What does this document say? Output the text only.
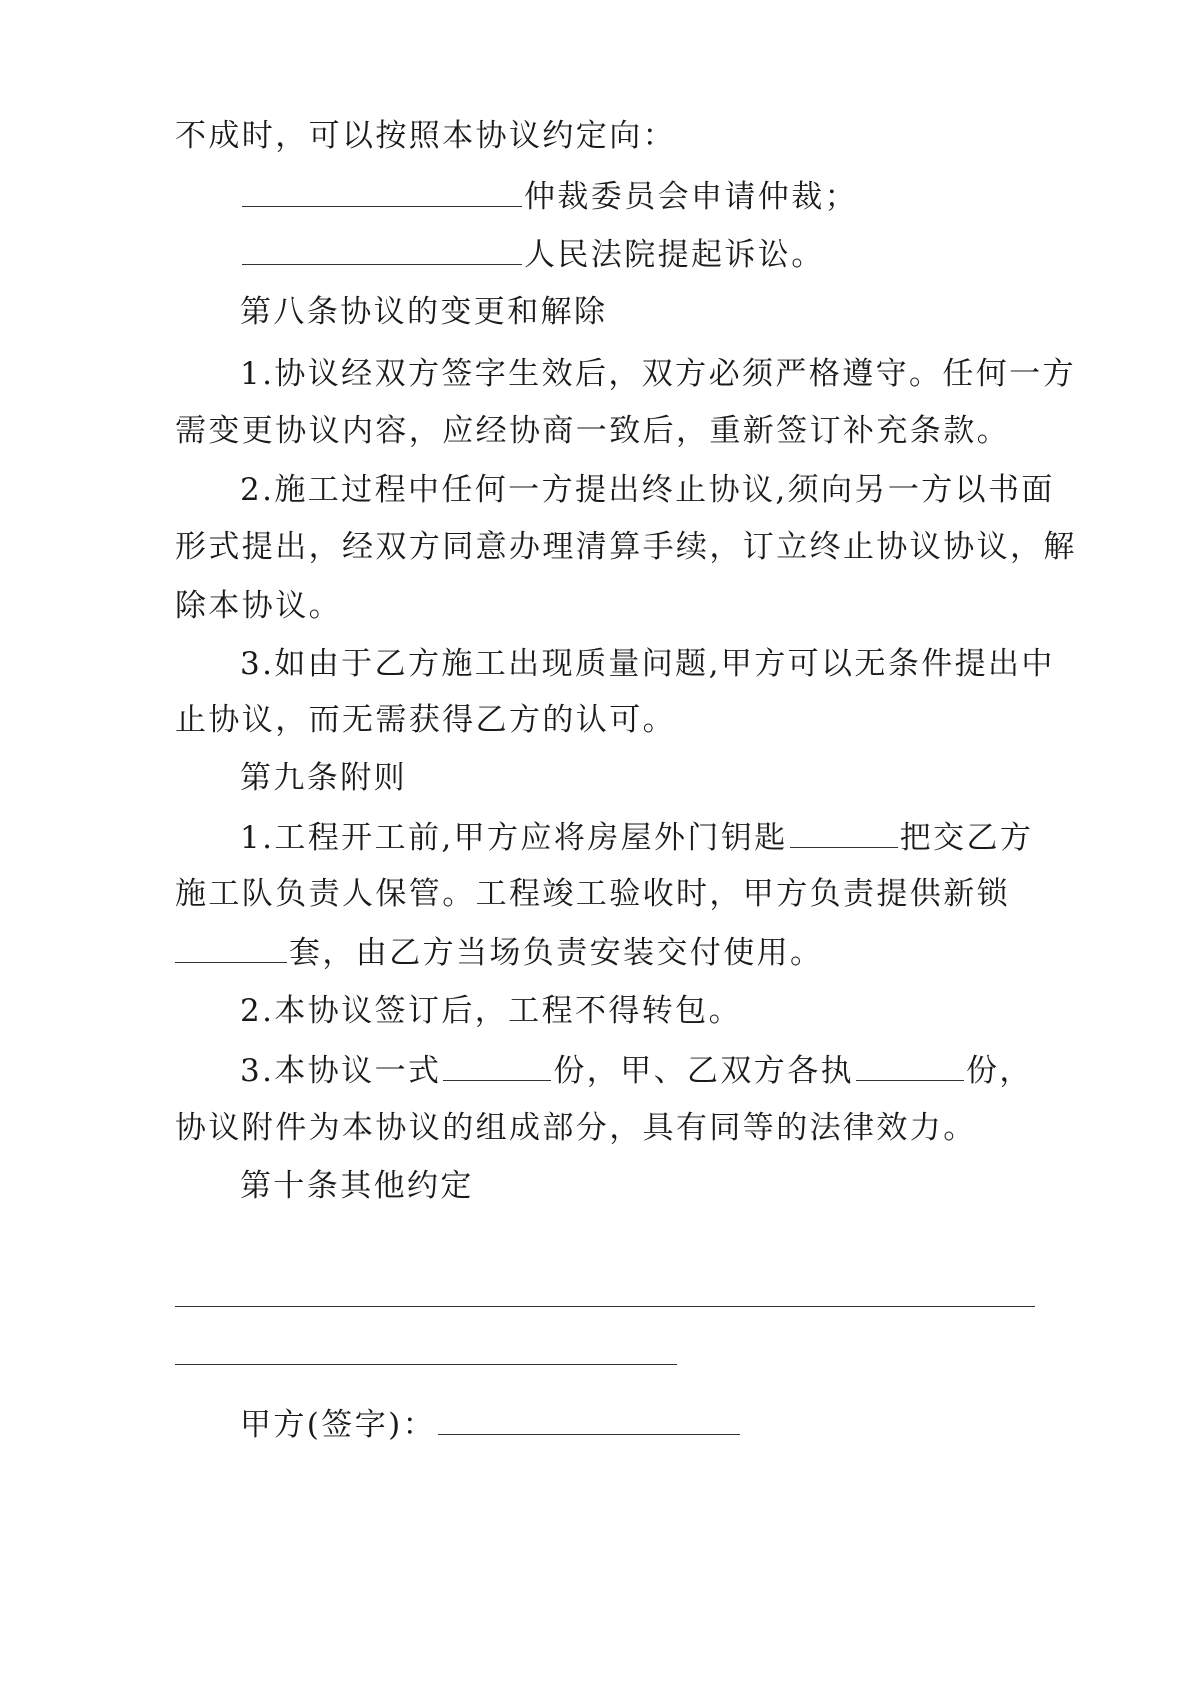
不成时，可以按照本协议约定向：
仲裁委员会申请仲裁；
人民法院提起诉讼。
第八条协议的变更和解除
1.协议经双方签字生效后，双方必须严格遵守。任何一方
需变更协议内容，应经协商一致后，重新签订补充条款。
2.施工过程中任何一方提出终止协议,须向另一方以书面
形式提出，经双方同意办理清算手续，订立终止协议协议，解
除本协议。
3.如由于乙方施工出现质量问题,甲方可以无条件提出中
止协议，而无需获得乙方的认可。
第九条附则
1.工程开工前,甲方应将房屋外门钥匙	把交乙方
施工队负责人保管。工程竣工验收时，甲方负责提供新锁
套，由乙方当场负责安装交付使用。
2.本协议签订后，工程不得转包。
3.本协议一式	份，甲、乙双方各执	份，
协议附件为本协议的组成部分，具有同等的法律效力。
第十条其他约定
甲方(签字)：
